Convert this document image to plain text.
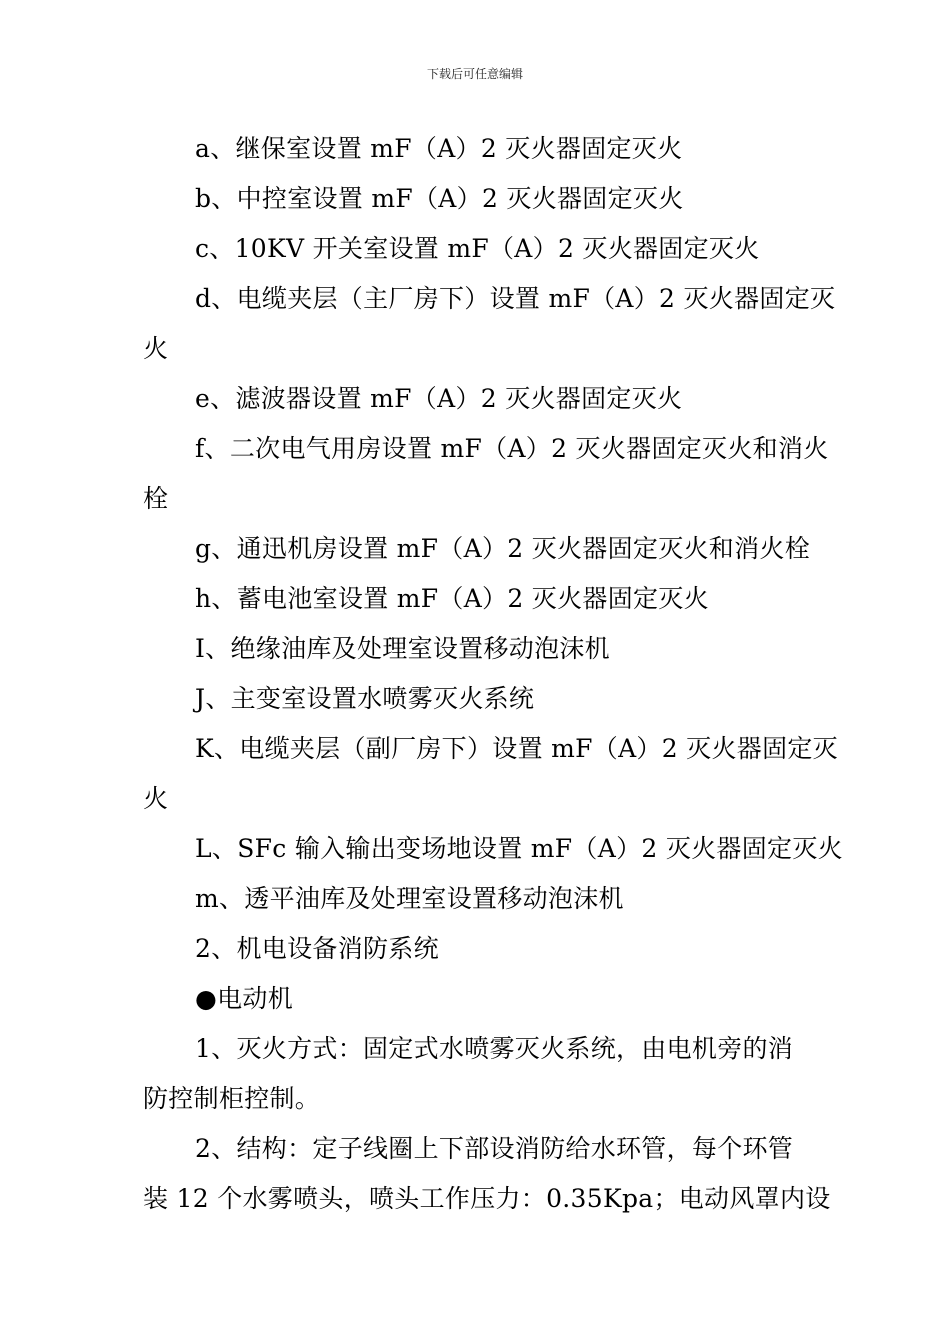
下载后可任意编辑

a、继保室设置 mF（A）2 灭火器固定灭火

b、中控室设置 mF（A）2 灭火器固定灭火

c、10KV 开关室设置 mF（A）2 灭火器固定灭火

d、电缆夹层（主厂房下）设置 mF（A）2 灭火器固定灭

火

e、滤波器设置 mF（A）2 灭火器固定灭火

f、二次电气用房设置 mF（A）2 灭火器固定灭火和消火

栓

g、通迅机房设置 mF（A）2 灭火器固定灭火和消火栓

h、蓄电池室设置 mF（A）2 灭火器固定灭火

I、绝缘油库及处理室设置移动泡沫机

J、主变室设置水喷雾灭火系统

K、电缆夹层（副厂房下）设置 mF（A）2 灭火器固定灭

火

L、SFc 输入输出变场地设置 mF（A）2 灭火器固定灭火

m、透平油库及处理室设置移动泡沫机

2、机电设备消防系统

●电动机

1、灭火方式：固定式水喷雾灭火系统，由电机旁的消

防控制柜控制。

2、结构：定子线圈上下部设消防给水环管，每个环管

装 12 个水雾喷头，喷头工作压力：0.35Kpa；电动风罩内设
